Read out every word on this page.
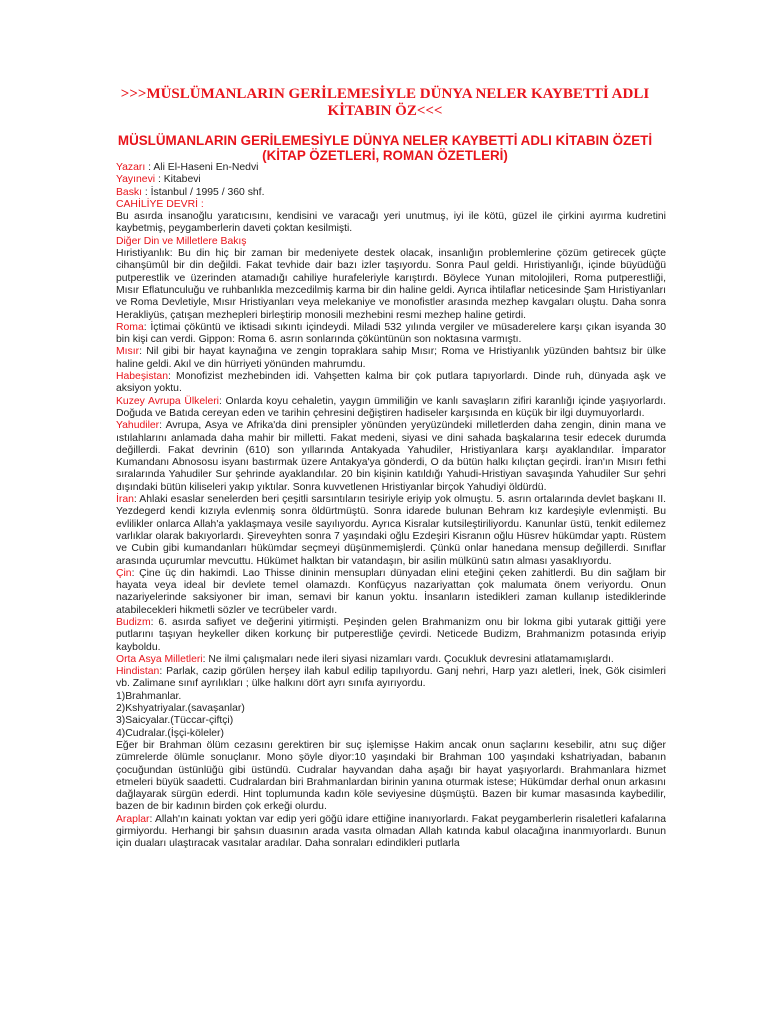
>>>MÜSLÜMANLARIN GERİLEMESİYLE DÜNYA NELER KAYBETTİ ADLI KİTABIN ÖZ<<<
MÜSLÜMANLARIN GERİLEMESİYLE DÜNYA NELER KAYBETTİ ADLI KİTABIN ÖZETİ (KİTAP ÖZETLERİ, ROMAN ÖZETLERİ)

Yazarı : Ali El-Haseni En-Nedvi

Yayınevi : Kitabevi

Baskı : İstanbul / 1995 / 360 shf.

CAHİLİYE DEVRİ :

Bu asırda insanoğlu yaratıcısını, kendisini ve varacağı yeri unutmuş, iyi ile kötü, güzel ile çirkini ayırma kudretini kaybetmiş, peygamberlerin daveti çoktan kesilmişti.

Diğer Din ve Milletlere Bakış

Hıristiyanlık: Bu din hiç bir zaman bir medeniyete destek olacak, insanlığın problemlerine çözüm getirecek güçte cihanşümûl bir din değildi. Fakat tevhide dair bazı izler taşıyordu. Sonra Paul geldi. Hıristiyanlığı, içinde büyüdüğü putperestlik ve üzerinden atamadığı cahiliye hurafeleriyle karıştırdı. Böylece Yunan mitolojileri, Roma putperestliği, Mısır Eflatunculuğu ve ruhbanlıkla mezcedilmiş karma bir din haline geldi. Ayrıca ihtilaflar neticesinde Şam Hıristiyanları ve Roma Devletiyle, Mısır Hristiyanları veya melekaniye ve monofistler arasında mezhep kavgaları oluştu. Daha sonra Herakliyüs, çatışan mezhepleri birleştirip monosili mezhebini resmi mezhep haline getirdi.

Roma: İçtimai çöküntü ve iktisadi sıkıntı içindeydi. Miladi 532 yılında vergiler ve müsaderelere karşı çıkan isyanda 30 bin kişi can verdi. Gippon: Roma 6. asrın sonlarında çöküntünün son noktasına varmıştı.

Mısır: Nil gibi bir hayat kaynağına ve zengin topraklara sahip Mısır; Roma ve Hristiyanlık yüzünden bahtsız bir ülke haline geldi. Akıl ve din hürriyeti yönünden mahrumdu.

Habeşistan: Monofizist mezhebinden idi. Vahşetten kalma bir çok putlara tapıyorlardı. Dinde ruh, dünyada aşk ve aksiyon yoktu.

Kuzey Avrupa Ülkeleri: Onlarda koyu cehaletin, yaygın ümmiliğin ve kanlı savaşların zifiri karanlığı içinde yaşıyorlardı. Doğuda ve Batıda cereyan eden ve tarihin çehresini değiştiren hadiseler karşısında en küçük bir ilgi duymuyorlardı.

Yahudiler: Avrupa, Asya ve Afrika'da dini prensipler yönünden yeryüzündeki milletlerden daha zengin, dinin mana ve ıstılahlarını anlamada daha mahir bir milletti. Fakat medeni, siyasi ve dini sahada başkalarına tesir edecek durumda değillerdi. Fakat devrinin (610) son yıllarında Antakyada Yahudiler, Hristiyanlara karşı ayaklandılar. İmparator Kumandanı Abnososu isyanı bastırmak üzere Antakya'ya gönderdi, O da bütün halkı kılıçtan geçirdi. İran'ın Mısırı fethi sıralarında Yahudiler Sur şehrinde ayaklandılar. 20 bin kişinin katıldığı Yahudi-Hristiyan savaşında Yahudiler Sur şehri dışındaki bütün kiliseleri yakıp yıktılar. Sonra kuvvetlenen Hristiyanlar birçok Yahudiyi öldürdü.

İran: Ahlaki esaslar senelerden beri çeşitli sarsıntıların tesiriyle eriyip yok olmuştu. 5. asrın ortalarında devlet başkanı II. Yezdegerd kendi kızıyla evlenmiş sonra öldürtmüştü. Sonra idarede bulunan Behram kız kardeşiyle evlenmişti. Bu evlilikler onlarca Allah'a yaklaşmaya vesile sayılıyordu. Ayrıca Kisralar kutsileştiriliyordu. Kanunlar üstü, tenkit edilemez varlıklar olarak bakıyorlardı. Şireveyhten sonra 7 yaşındaki oğlu Ezdeşiri Kisranın oğlu Hüsrev hükümdar yaptı. Rüstem ve Cubin gibi kumandanları hükümdar seçmeyi düşünmemişlerdi. Çünkü onlar hanedana mensup değillerdi. Sınıflar arasında uçurumlar mevcuttu. Hükümet halktan bir vatandaşın, bir asilin mülkünü satın alması yasaklıyordu.

Çin: Çine üç din hakimdi. Lao Thisse dininin mensupları dünyadan elini eteğini çeken zahitlerdi. Bu din sağlam bir hayata veya ideal bir devlete temel olamazdı. Konfüçyus nazariyattan çok malumata önem veriyordu. Onun nazariyelerinde saksiyoner bir iman, semavi bir kanun yoktu. İnsanların istedikleri zaman kullanıp istediklerinde atabilecekleri hikmetli sözler ve tecrübeler vardı.

Budizm: 6. asırda safiyet ve değerini yitirmişti. Peşinden gelen Brahmanizm onu bir lokma gibi yutarak gittiği yere putlarını taşıyan heykeller diken korkunç bir putperestliğe çevirdi. Neticede Budizm, Brahmanizm potasında eriyip kayboldu.

Orta Asya Milletleri: Ne ilmi çalışmaları nede ileri siyasi nizamları vardı. Çocukluk devresini atlatamamışlardı.

Hindistan: Parlak, cazip görülen herşey ilah kabul edilip tapılıyordu. Ganj nehri, Harp yazı aletleri, İnek, Gök cisimleri vb. Zalimane sınıf ayrılıkları ; ülke halkını dört ayrı sınıfa ayırıyordu.

1)Brahmanlar.

2)Kshyatriyalar.(savaşanlar)

3)Saicyalar.(Tüccar-çiftçi)

4)Cudralar.(İşçi-köleler)

Eğer bir Brahman ölüm cezasını gerektiren bir suç işlemişse Hakim ancak onun saçlarını kesebilir, atnı suç diğer zümrelerde ölümle sonuçlanır. Mono şöyle diyor:10 yaşındaki bir Brahman 100 yaşındaki kshatriyadan, babanın çocuğundan üstünlüğü gibi üstündü. Cudralar hayvandan daha aşağı bir hayat yaşıyorlardı. Brahmanlara hizmet etmeleri büyük saadetti. Cudralardan biri Brahmanlardan birinin yanına oturmak istese; Hükümdar derhal onun arkasını dağlayarak sürgün ederdi. Hint toplumunda kadın köle seviyesine düşmüştü. Bazen bir kumar masasında kaybedilir, bazen de bir kadının birden çok erkeği olurdu.

Araplar: Allah'ın kainatı yoktan var edip yeri göğü idare ettiğine inanıyorlardı. Fakat peygamberlerin risaletleri kafalarına girmiyordu. Herhangi bir şahsın duasının arada vasıta olmadan Allah katında kabul olacağına inanmıyorlardı. Bunun için duaları ulaştıracak vasıtalar aradılar. Daha sonraları edindikleri putlarla
